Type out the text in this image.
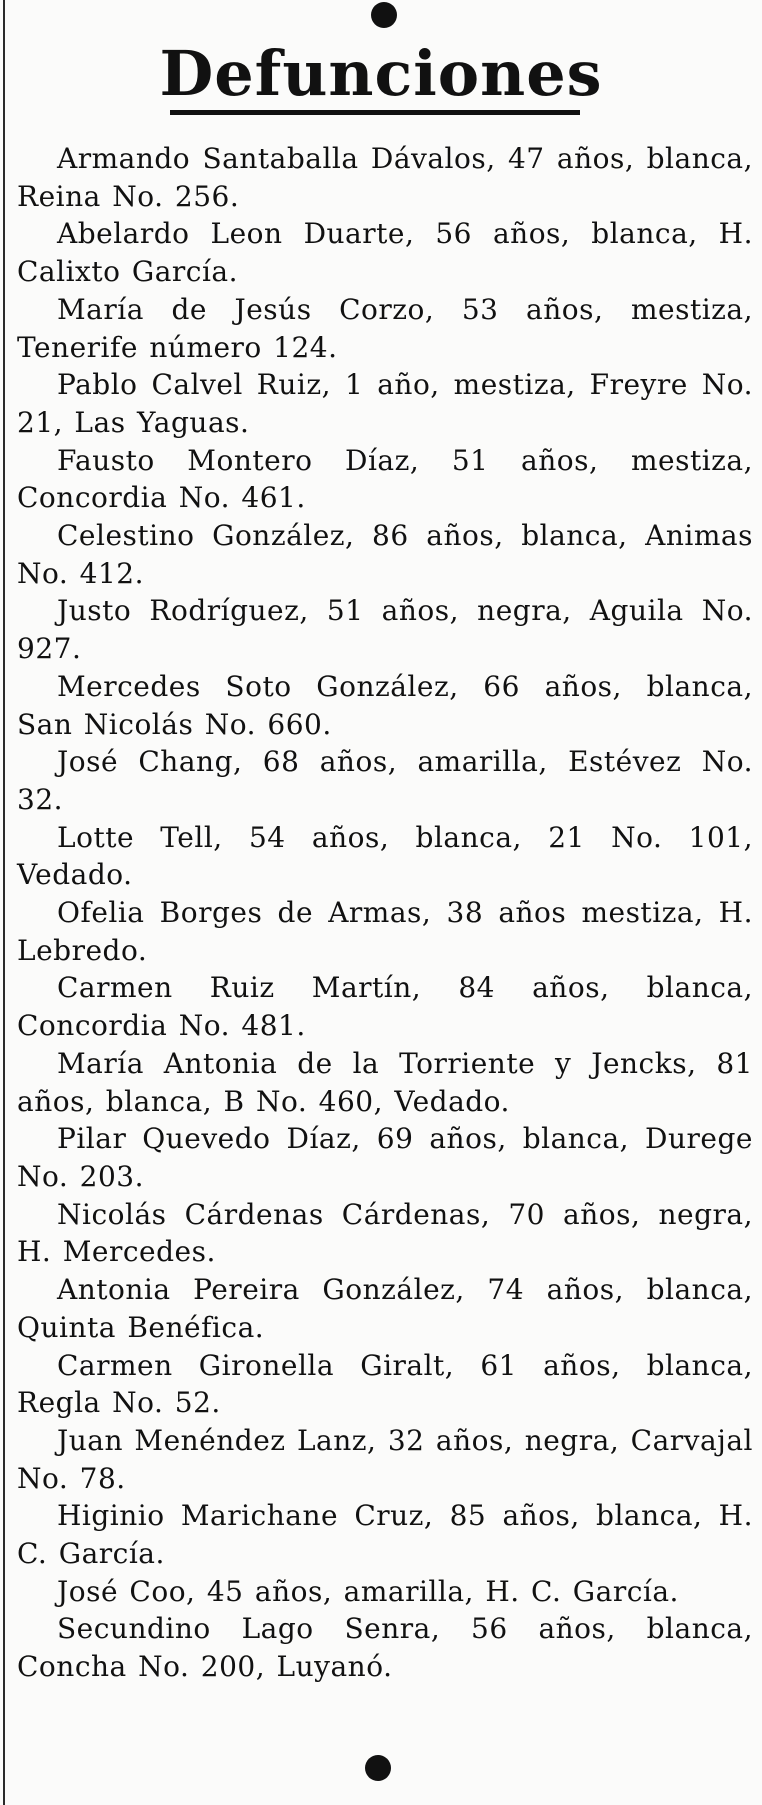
Defunciones
Armando Santaballa Dávalos, 47 años, blanca, Reina No. 256.
Abelardo Leon Duarte, 56 años, blanca, H. Calixto García.
María de Jesús Corzo, 53 años, mestiza, Tenerife número 124.
Pablo Calvel Ruiz, 1 año, mestiza, Freyre No. 21, Las Yaguas.
Fausto Montero Díaz, 51 años, mestiza, Concordia No. 461.
Celestino González, 86 años, blanca, Animas No. 412.
Justo Rodríguez, 51 años, negra, Aguila No. 927.
Mercedes Soto González, 66 años, blanca, San Nicolás No. 660.
José Chang, 68 años, amarilla, Estévez No. 32.
Lotte Tell, 54 años, blanca, 21 No. 101, Vedado.
Ofelia Borges de Armas, 38 años mestiza, H. Lebredo.
Carmen Ruiz Martín, 84 años, blanca, Concordia No. 481.
María Antonia de la Torriente y Jencks, 81 años, blanca, B No. 460, Vedado.
Pilar Quevedo Díaz, 69 años, blanca, Durege No. 203.
Nicolás Cárdenas Cárdenas, 70 años, negra, H. Mercedes.
Antonia Pereira González, 74 años, blanca, Quinta Benéfica.
Carmen Gironella Giralt, 61 años, blanca, Regla No. 52.
Juan Menéndez Lanz, 32 años, negra, Carvajal No. 78.
Higinio Marichane Cruz, 85 años, blanca, H. C. García.
José Coo, 45 años, amarilla, H. C. García.
Secundino Lago Senra, 56 años, blanca, Concha No. 200, Luyanó.
